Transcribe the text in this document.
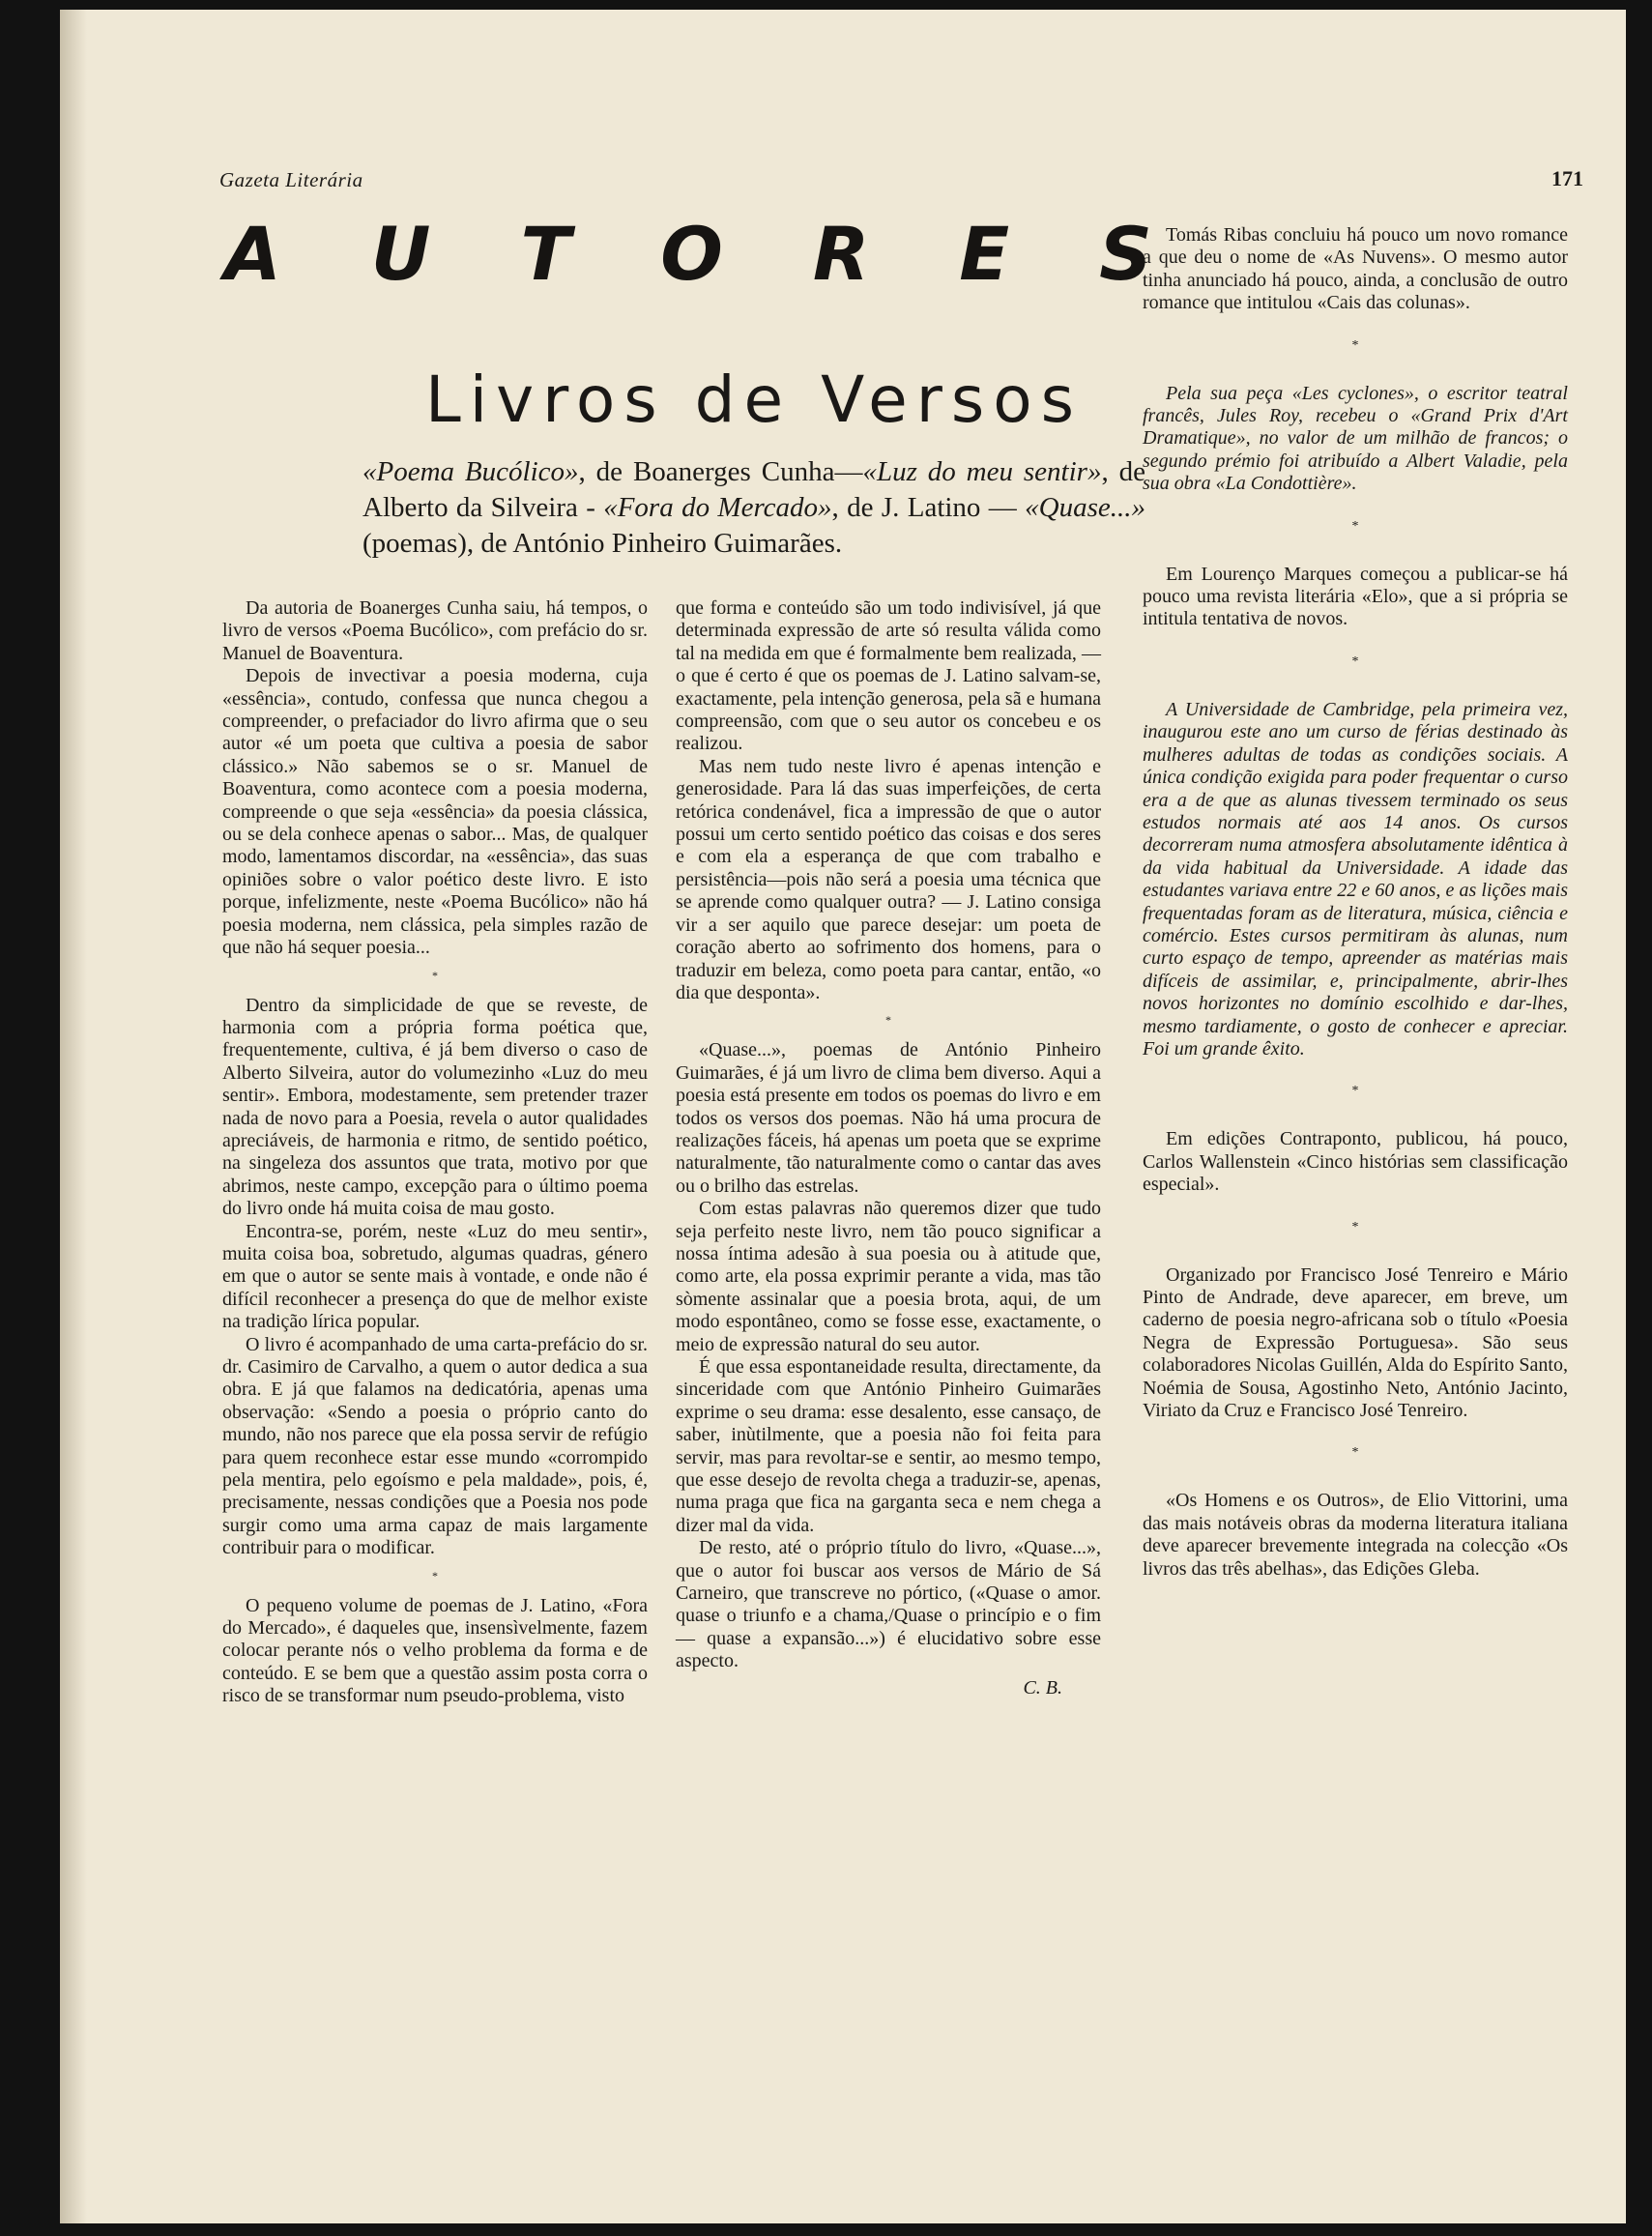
Gazeta Literária	171
A U T O R E S
Livros de Versos
«Poema Bucólico», de Boanerges Cunha—«Luz do meu sentir», de Alberto da Silveira - «Fora do Mercado», de J. Latino — «Quase...» (poemas), de António Pinheiro Guimarães.

Da autoria de Boanerges Cunha saiu, há tempos, o livro de versos «Poema Bucólico», com prefácio do sr. Manuel de Boaventura.

Depois de invectivar a poesia moderna, cuja «essência», contudo, confessa que nunca chegou a compreender, o prefaciador do livro afirma que o seu autor «é um poeta que cultiva a poesia de sabor clássico.» Não sabemos se o sr. Manuel de Boaventura, como acontece com a poesia moderna, compreende o que seja «essência» da poesia clássica, ou se dela conhece apenas o sabor... Mas, de qualquer modo, lamentamos discordar, na «essência», das suas opiniões sobre o valor poético deste livro. E isto porque, infelizmente, neste «Poema Bucólico» não há poesia moderna, nem clássica, pela simples razão de que não há sequer poesia...

*

Dentro da simplicidade de que se reveste, de harmonia com a própria forma poética que, frequentemente, cultiva, é já bem diverso o caso de Alberto Silveira, autor do volumezinho «Luz do meu sentir». Embora, modestamente, sem pretender trazer nada de novo para a Poesia, revela o autor qualidades apreciáveis, de harmonia e ritmo, de sentido poético, na singeleza dos assuntos que trata, motivo por que abrimos, neste campo, excepção para o último poema do livro onde há muita coisa de mau gosto.

Encontra-se, porém, neste «Luz do meu sentir», muita coisa boa, sobretudo, algumas quadras, género em que o autor se sente mais à vontade, e onde não é difícil reconhecer a presença do que de melhor existe na tradição lírica popular.

O livro é acompanhado de uma carta-prefácio do sr. dr. Casimiro de Carvalho, a quem o autor dedica a sua obra. E já que falamos na dedicatória, apenas uma observação: «Sendo a poesia o próprio canto do mundo, não nos parece que ela possa servir de refúgio para quem reconhece estar esse mundo «corrompido pela mentira, pelo egoísmo e pela maldade», pois, é, precisamente, nessas condições que a Poesia nos pode surgir como uma arma capaz de mais largamente contribuir para o modificar.

*

O pequeno volume de poemas de J. Latino, «Fora do Mercado», é daqueles que, insensìvelmente, fazem colocar perante nós o velho problema da forma e de conteúdo. E se bem que a questão assim posta corra o risco de se transformar num pseudo-problema, visto

que forma e conteúdo são um todo indivisível, já que determinada expressão de arte só resulta válida como tal na medida em que é formalmente bem realizada, — o que é certo é que os poemas de J. Latino salvam-se, exactamente, pela intenção generosa, pela sã e humana compreensão, com que o seu autor os concebeu e os realizou.

Mas nem tudo neste livro é apenas intenção e generosidade. Para lá das suas imperfeições, de certa retórica condenável, fica a impressão de que o autor possui um certo sentido poético das coisas e dos seres e com ela a esperança de que com trabalho e persistência—pois não será a poesia uma técnica que se aprende como qualquer outra? — J. Latino consiga vir a ser aquilo que parece desejar: um poeta de coração aberto ao sofrimento dos homens, para o traduzir em beleza, como poeta para cantar, então, «o dia que desponta».

*

«Quase...», poemas de António Pinheiro Guimarães, é já um livro de clima bem diverso. Aqui a poesia está presente em todos os poemas do livro e em todos os versos dos poemas. Não há uma procura de realizações fáceis, há apenas um poeta que se exprime naturalmente, tão naturalmente como o cantar das aves ou o brilho das estrelas.

Com estas palavras não queremos dizer que tudo seja perfeito neste livro, nem tão pouco significar a nossa íntima adesão à sua poesia ou à atitude que, como arte, ela possa exprimir perante a vida, mas tão sòmente assinalar que a poesia brota, aqui, de um modo espontâneo, como se fosse esse, exactamente, o meio de expressão natural do seu autor.

É que essa espontaneidade resulta, directamente, da sinceridade com que António Pinheiro Guimarães exprime o seu drama: esse desalento, esse cansaço, de saber, inùtilmente, que a poesia não foi feita para servir, mas para revoltar-se e sentir, ao mesmo tempo, que esse desejo de revolta chega a traduzir-se, apenas, numa praga que fica na garganta seca e nem chega a dizer mal da vida.

De resto, até o próprio título do livro, «Quase...», que o autor foi buscar aos versos de Mário de Sá Carneiro, que transcreve no pórtico, («Quase o amor. quase o triunfo e a chama,/Quase o princípio e o fim — quase a expansão...») é elucidativo sobre esse aspecto.

C. B.

Tomás Ribas concluiu há pouco um novo romance a que deu o nome de «As Nuvens». O mesmo autor tinha anunciado há pouco, ainda, a conclusão de outro romance que intitulou «Cais das colunas».

*

Pela sua peça «Les cyclones», o escritor teatral francês, Jules Roy, recebeu o «Grand Prix d'Art Dramatique», no valor de um milhão de francos; o segundo prémio foi atribuído a Albert Valadie, pela sua obra «La Condottière».

*

Em Lourenço Marques começou a publicar-se há pouco uma revista literária «Elo», que a si própria se intitula tentativa de novos.

*

A Universidade de Cambridge, pela primeira vez, inaugurou este ano um curso de férias destinado às mulheres adultas de todas as condições sociais. A única condição exigida para poder frequentar o curso era a de que as alunas tivessem terminado os seus estudos normais até aos 14 anos. Os cursos decorreram numa atmosfera absolutamente idêntica à da vida habitual da Universidade. A idade das estudantes variava entre 22 e 60 anos, e as lições mais frequentadas foram as de literatura, música, ciência e comércio. Estes cursos permitiram às alunas, num curto espaço de tempo, apreender as matérias mais difíceis de assimilar, e, principalmente, abrir-lhes novos horizontes no domínio escolhido e dar-lhes, mesmo tardiamente, o gosto de conhecer e apreciar. Foi um grande êxito.

*

Em edições Contraponto, publicou, há pouco, Carlos Wallenstein «Cinco histórias sem classificação especial».

*

Organizado por Francisco José Tenreiro e Mário Pinto de Andrade, deve aparecer, em breve, um caderno de poesia negro-africana sob o título «Poesia Negra de Expressão Portuguesa». São seus colaboradores Nicolas Guillén, Alda do Espírito Santo, Noémia de Sousa, Agostinho Neto, António Jacinto, Viriato da Cruz e Francisco José Tenreiro.

*

«Os Homens e os Outros», de Elio Vittorini, uma das mais notáveis obras da moderna literatura italiana deve aparecer brevemente integrada na colecção «Os livros das três abelhas», das Edições Gleba.
